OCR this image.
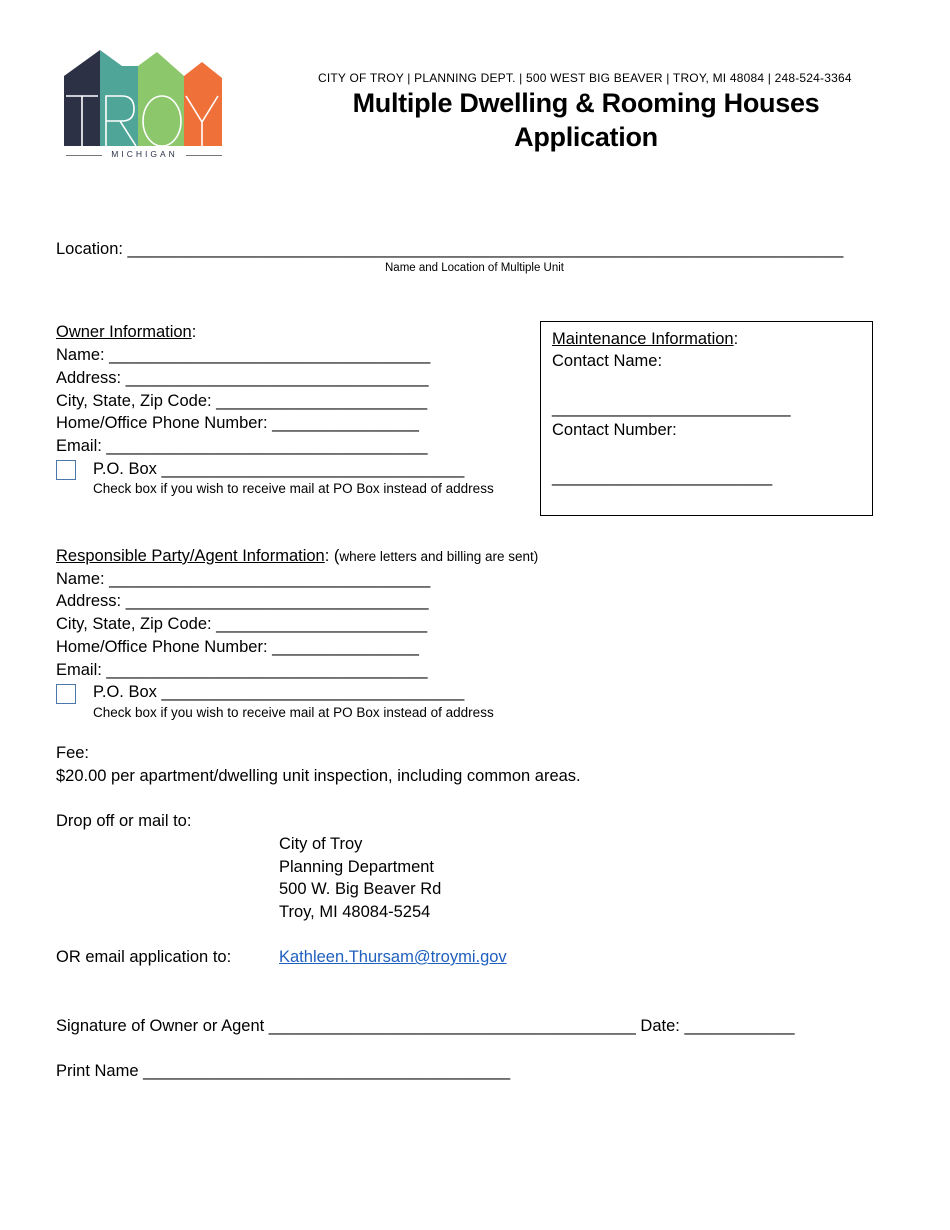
MICHIGAN
CITY OF TROY | PLANNING DEPT. | 500 WEST BIG BEAVER | TROY, MI 48084 | 248-524-3364
Multiple Dwelling & Rooming Houses Application
Location: ______________________________________________________________________________
Name and Location of Multiple Unit
Owner Information:
Name: ___________________________________
Address: _________________________________
City, State, Zip Code: _______________________
Home/Office Phone Number: ________________
Email: ___________________________________
P.O. Box _________________________________
Check box if you wish to receive mail at PO Box instead of address
Maintenance Information:
Contact Name:
__________________________
Contact Number:
________________________
Responsible Party/Agent Information: (where letters and billing are sent)
Name: ___________________________________
Address: _________________________________
City, State, Zip Code: _______________________
Home/Office Phone Number: ________________
Email: ___________________________________
P.O. Box _________________________________
Check box if you wish to receive mail at PO Box instead of address
Fee:
$20.00 per apartment/dwelling unit inspection, including common areas.
Drop off or mail to:
City of Troy
Planning Department
500 W. Big Beaver Rd
Troy, MI 48084-5254
OR email application to:	Kathleen.Thursam@troymi.gov
Signature of Owner or Agent ________________________________________ Date: ____________
Print Name ________________________________________
